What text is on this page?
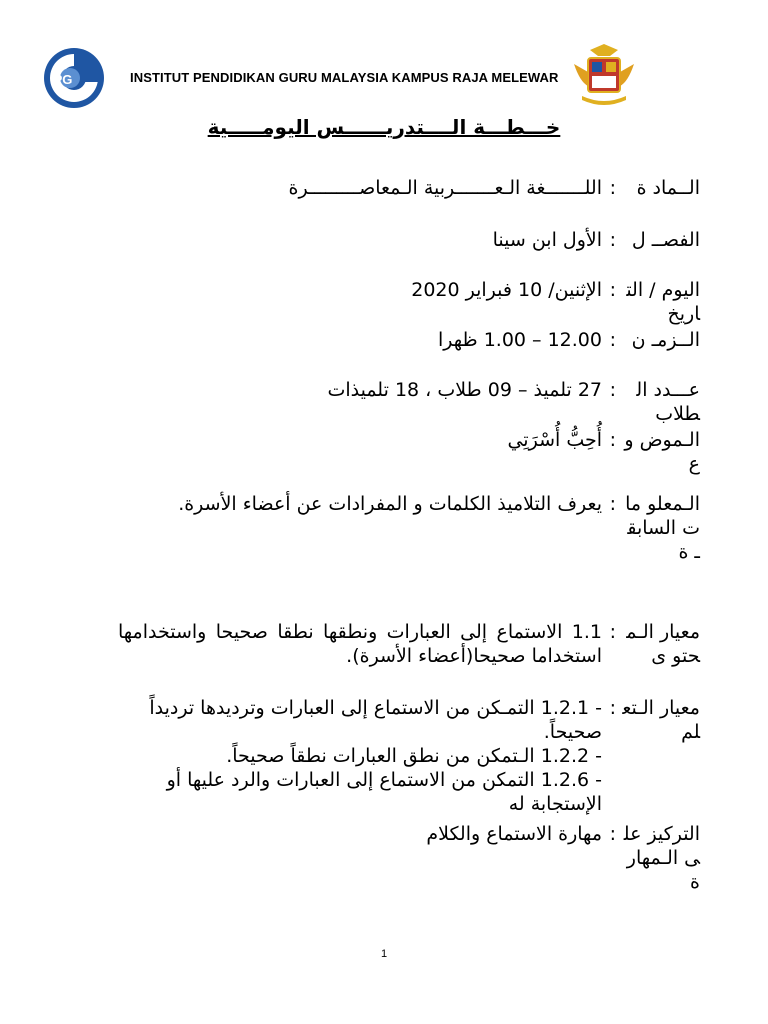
iPG	INSTITUT PENDIDIKAN GURU MALAYSIA KAMPUS RAJA MELEWAR
خـــطـــة الــــتدريــــــس اليومـــــية
الــماد ة
:
اللـــــــغة الـعـــــــربية الـمعاصـــــــــرة
الفصــ ل
:
الأول ابن سينا
اليوم / التاريخ
:
الإثنين/ 10 فبراير 2020
الــزمـ ن
:
12.00 – 1.00 ظهرا
عـــدد الطلاب
:
27 تلميذ – 09 طلاب ، 18 تلميذات
الـموض وع
:
أُحِبُّ أُسْرَتِي
الـمعلو مات السابقـ ة
:
يعرف التلاميذ الكلمات و المفرادات عن أعضاء الأسرة.
معيار الـمحتو ى
:
1.1 الاستماع إلى العبارات ونطقها نطقا صحيحا واستخدامها استخداما صحيحا(أعضاء الأسرة).
معيار الـتعلم
:
- 1.2.1 التمـكن من الاستماع إلى العبارات وترديدها ترديداً صحيحاً.
- 1.2.2 الـتمكن من نطق العبارات نطقاً صحيحاً.
- 1.2.6 التمكن من الاستماع إلى العبارات والرد عليها أو الإستجابة له
التركيز على الـمهار ة
:
مهارة الاستماع والكلام
1
